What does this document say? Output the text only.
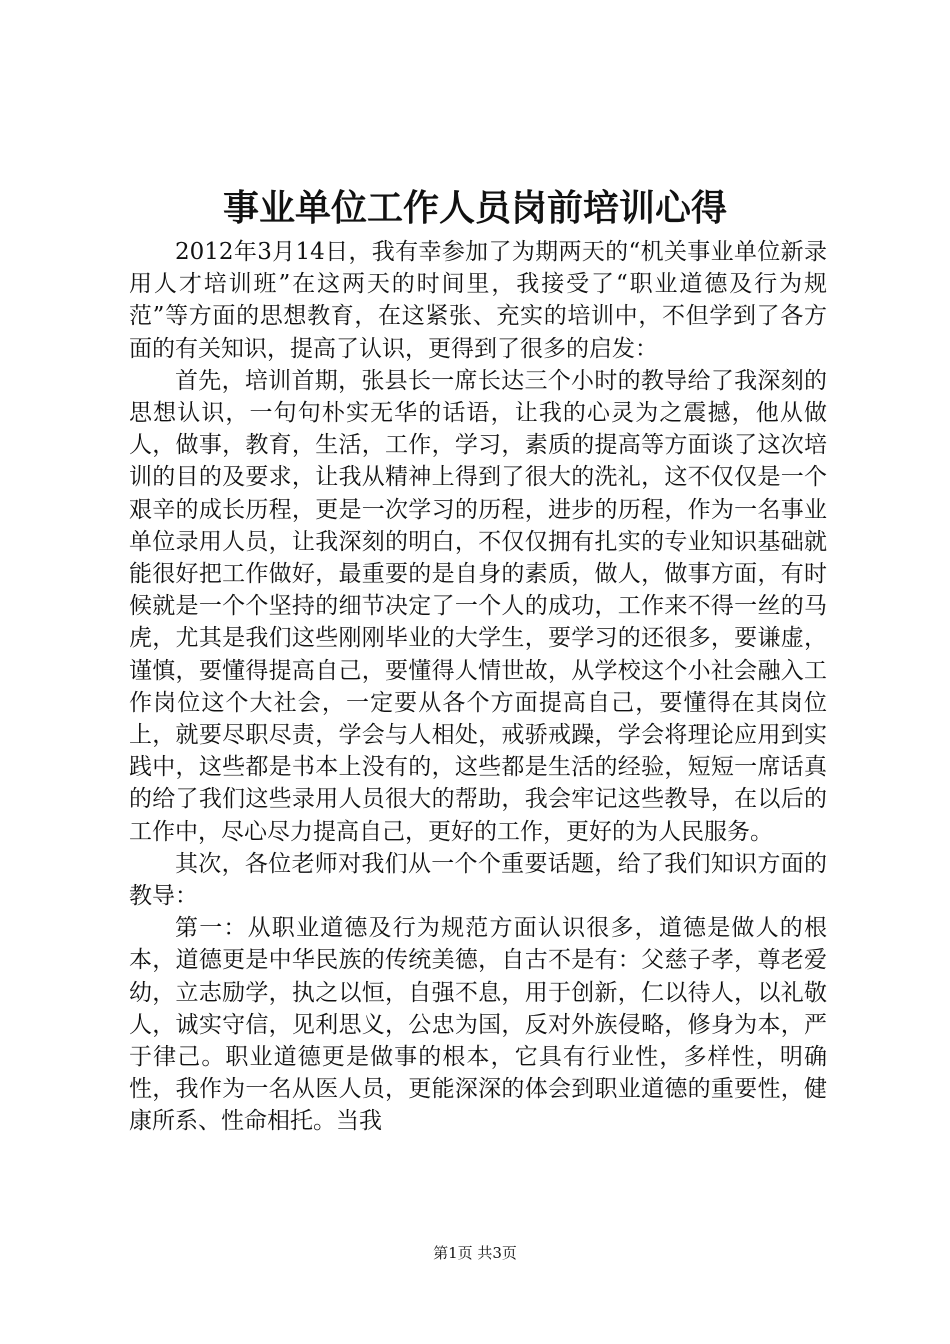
事业单位工作人员岗前培训心得

2012年3月14日，我有幸参加了为期两天的“机关事业单位新录用人才培训班”在这两天的时间里，我接受了“职业道德及行为规范”等方面的思想教育，在这紧张、充实的培训中，不但学到了各方面的有关知识，提高了认识，更得到了很多的启发：

首先，培训首期，张县长一席长达三个小时的教导给了我深刻的思想认识，一句句朴实无华的话语，让我的心灵为之震撼，他从做人，做事，教育，生活，工作，学习，素质的提高等方面谈了这次培训的目的及要求，让我从精神上得到了很大的洗礼，这不仅仅是一个艰辛的成长历程，更是一次学习的历程，进步的历程，作为一名事业单位录用人员，让我深刻的明白，不仅仅拥有扎实的专业知识基础就能很好把工作做好，最重要的是自身的素质，做人，做事方面，有时候就是一个个坚持的细节决定了一个人的成功，工作来不得一丝的马虎，尤其是我们这些刚刚毕业的大学生，要学习的还很多，要谦虚，谨慎，要懂得提高自己，要懂得人情世故，从学校这个小社会融入工作岗位这个大社会，一定要从各个方面提高自己，要懂得在其岗位上，就要尽职尽责，学会与人相处，戒骄戒躁，学会将理论应用到实践中，这些都是书本上没有的，这些都是生活的经验，短短一席话真的给了我们这些录用人员很大的帮助，我会牢记这些教导，在以后的工作中，尽心尽力提高自己，更好的工作，更好的为人民服务。

其次，各位老师对我们从一个个重要话题，给了我们知识方面的教导：

第一：从职业道德及行为规范方面认识很多，道德是做人的根本，道德更是中华民族的传统美德，自古不是有：父慈子孝，尊老爱幼，立志励学，执之以恒，自强不息，用于创新，仁以待人，以礼敬人，诚实守信，见利思义，公忠为国，反对外族侵略，修身为本，严于律己。职业道德更是做事的根本，它具有行业性，多样性，明确性，我作为一名从医人员，更能深深的体会到职业道德的重要性，健康所系、性命相托。当我

第1页 共3页
